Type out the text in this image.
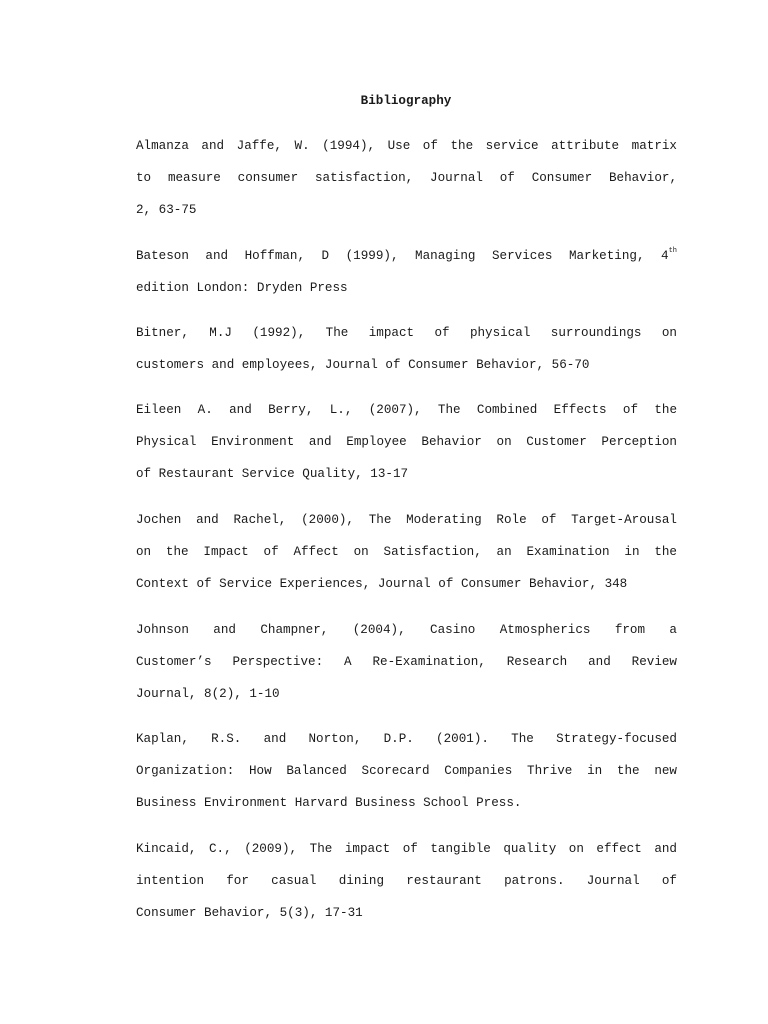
Bibliography
Almanza and Jaffe, W. (1994), Use of the service attribute matrix
to measure consumer satisfaction, Journal of Consumer Behavior,
2, 63-75
Bateson and Hoffman, D (1999), Managing Services Marketing, 4th
edition London: Dryden Press
Bitner, M.J (1992), The impact of physical surroundings on
customers and employees, Journal of Consumer Behavior, 56-70
Eileen A. and Berry, L., (2007), The Combined Effects of the
Physical Environment and Employee Behavior on Customer Perception
of Restaurant Service Quality, 13-17
Jochen and Rachel, (2000), The Moderating Role of Target-Arousal
on the Impact of Affect on Satisfaction, an Examination in the
Context of Service Experiences, Journal of Consumer Behavior, 348
Johnson and Champner, (2004), Casino Atmospherics from a
Customer’s Perspective: A Re-Examination, Research and Review
Journal, 8(2), 1-10
Kaplan, R.S. and Norton, D.P. (2001). The Strategy-focused
Organization: How Balanced Scorecard Companies Thrive in the new
Business Environment Harvard Business School Press.
Kincaid, C., (2009), The impact of tangible quality on effect and
intention for casual dining restaurant patrons. Journal of
Consumer Behavior, 5(3), 17-31
